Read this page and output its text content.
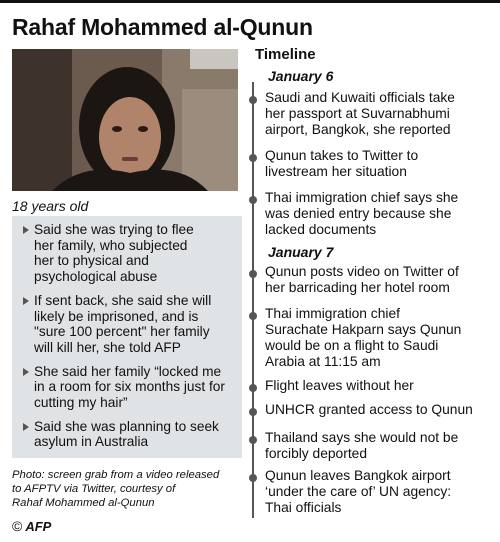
Rahaf Mohammed al-Qunun
18 years old
Said she was trying to flee
her family, who subjected
her to physical and
psychological abuse
If sent back, she said she will
likely be imprisoned, and is
"sure 100 percent" her family
will kill her, she told AFP
She said her family “locked me
in a room for six months just for
cutting my hair”
Said she was planning to seek
asylum in Australia
Photo: screen grab from a video released
to AFPTV via Twitter, courtesy of
Rahaf Mohammed al-Qunun
© AFP
Timeline
January 6
January 7
Saudi and Kuwaiti officials take
her passport at Suvarnabhumi
airport, Bangkok, she reported
Qunun takes to Twitter to
livestream her situation
Thai immigration chief says she
was denied entry because she
lacked documents
Qunun posts video on Twitter of
her barricading her hotel room
Thai immigration chief
Surachate Hakparn says Qunun
would be on a flight to Saudi
Arabia at 11:15 am
Flight leaves without her
UNHCR granted access to Qunun
Thailand says she would not be
forcibly deported
Qunun leaves Bangkok airport
‘under the care of’ UN agency:
Thai officials
